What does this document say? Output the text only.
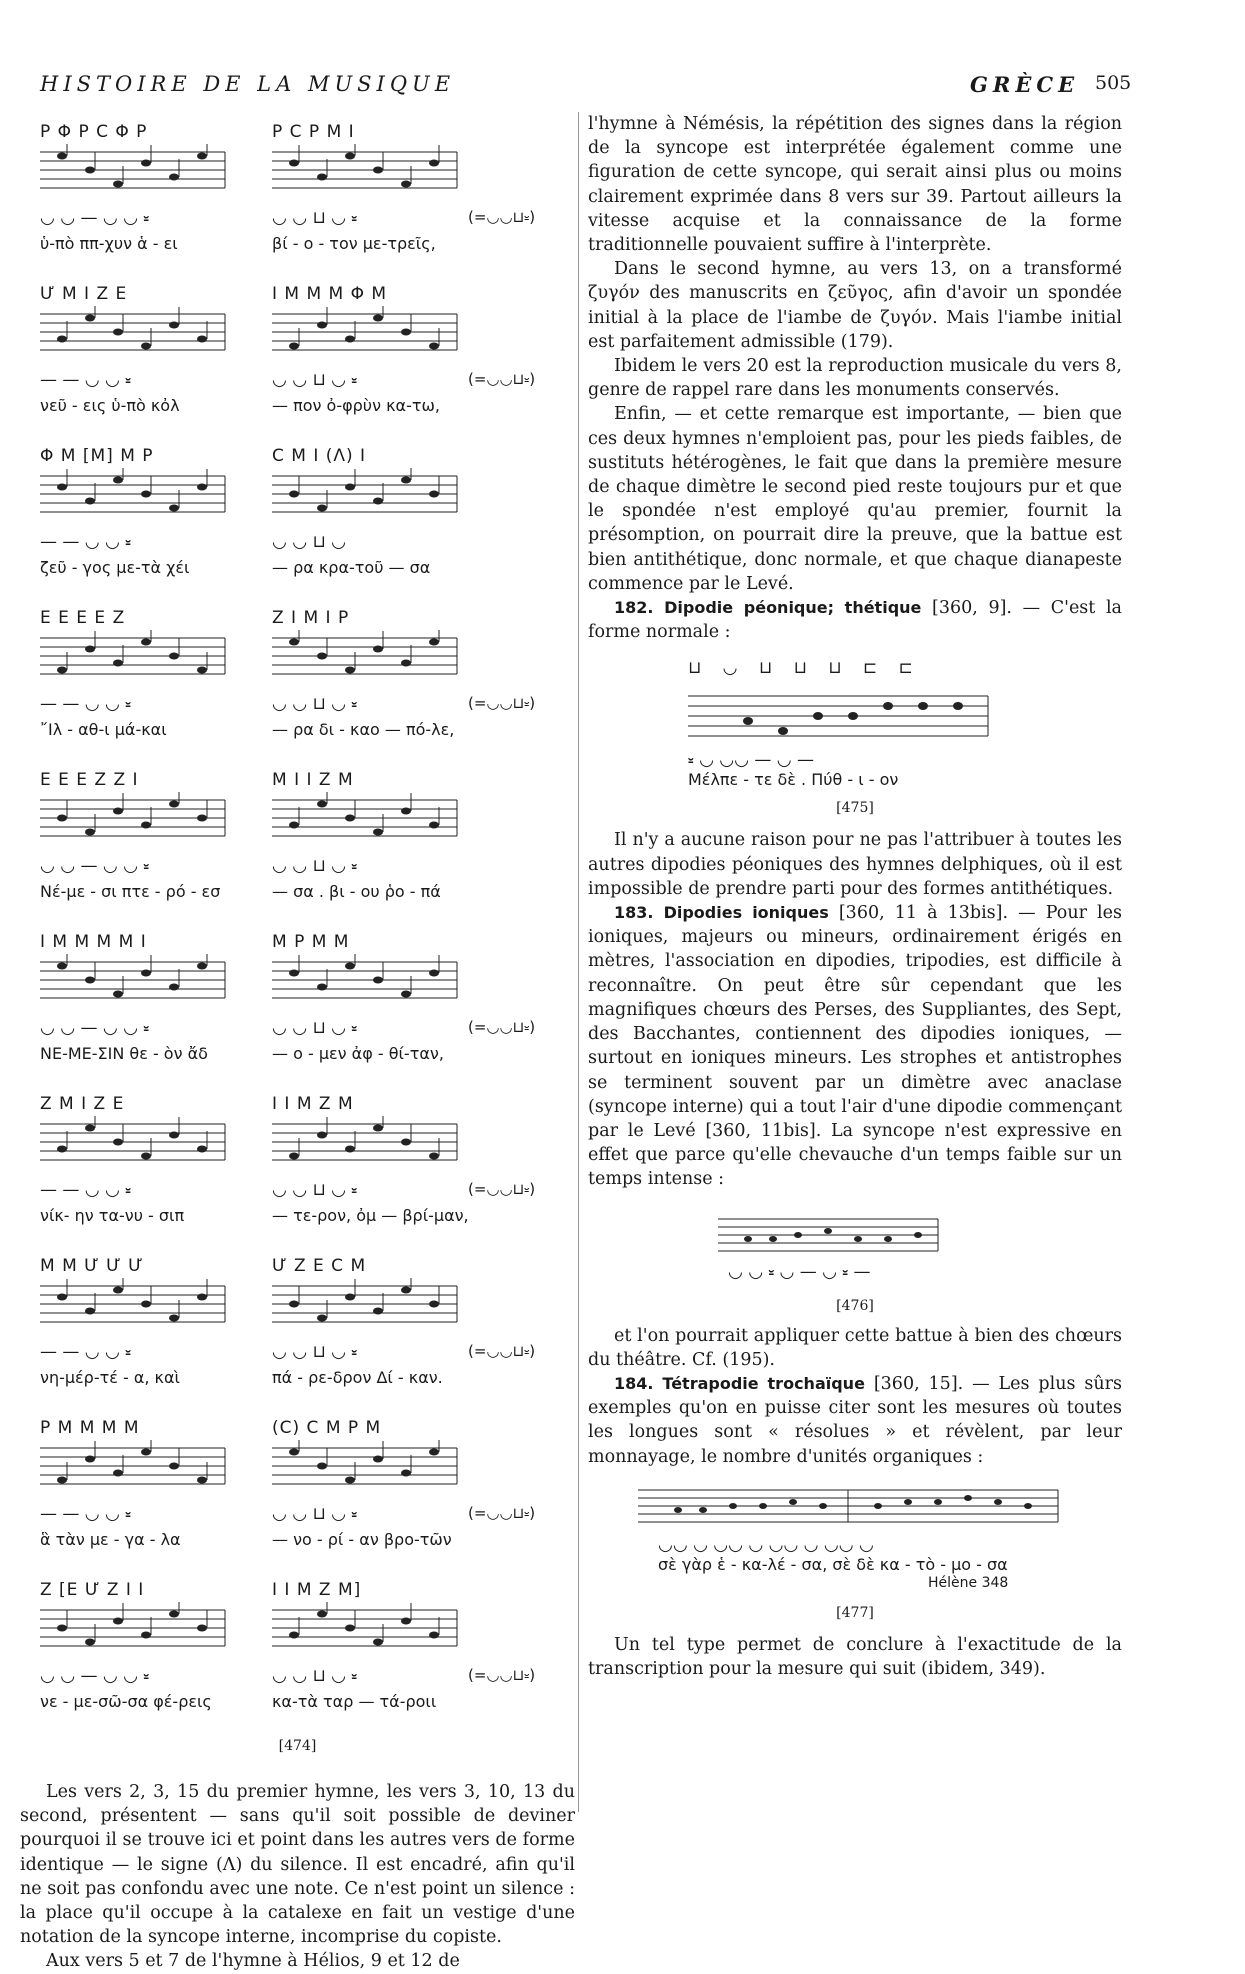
HISTOIRE DE LA MUSIQUE	GRÈCE 505
Ρ Φ Ρ C Φ Ρ
◡ ◡ — ◡ ◡ ⏓
ὑ-πὸ ππ-χυν ἁ - ει
Ρ C Ρ Μ Ι
◡ ◡ ⊔ ◡ ⏓
βί - ο - τον με-τρεῖς,
(=◡◡⊔⏓)
Ư Μ Ι Ζ Ε
— — ◡ ◡ ⏓
νεῦ - εις ὑ-πὸ κὀλ
Ι Μ Μ Μ Φ Μ
◡ ◡ ⊔ ◡ ⏓
— πον ὀ-φρὺν κα-τω,
(=◡◡⊔⏓)
Φ Μ [Μ] Μ Ρ
— — ◡ ◡ ⏓
ζεῦ - γος με-τὰ χέι
C Μ Ι (Λ) Ι
◡ ◡ ⊔ ◡
— ρα κρα-τοῦ — σα
Ε Ε Ε Ε Ζ
— — ◡ ◡ ⏓
῎Ιλ - αθ-ι μά-και
Ζ Ι Μ Ι Ρ
◡ ◡ ⊔ ◡ ⏓
— ρα δι - καο — πό-λε,
(=◡◡⊔⏓)
Ε Ε Ε Ζ Ζ Ι
◡ ◡ — ◡ ◡ ⏓
Νέ-με - σι πτε - ρό - εσ
Μ Ι Ι Ζ Μ
◡ ◡ ⊔ ◡ ⏓
— σα . βι - ου ῥο - πά
Ι Μ Μ Μ Μ Ι
◡ ◡ — ◡ ◡ ⏓
ΝΕ-ΜΕ-ΣΙΝ θε - ὸν ἄδ
Μ Ρ Μ Μ
◡ ◡ ⊔ ◡ ⏓
— ο - μεν ἀφ - θί-ταν,
(=◡◡⊔⏓)
Ζ Μ Ι Ζ Ε
— — ◡ ◡ ⏓
νίκ- ην τα-νυ - σιπ
Ι Ι Μ Ζ Μ
◡ ◡ ⊔ ◡ ⏓
— τε-ρον, ὀμ — βρί-μαν,
(=◡◡⊔⏓)
Μ Μ Ư Ư Ư
— — ◡ ◡ ⏓
νη-μέρ-τέ - α, καὶ
Ư Ζ Ε C Μ
◡ ◡ ⊔ ◡ ⏓
πά - ρε-δρον Δί - καν.
(=◡◡⊔⏓)
Ρ Μ Μ Μ Μ
— — ◡ ◡ ⏓
ἃ τὰν με - γα - λα
(C) C Μ Ρ Μ
◡ ◡ ⊔ ◡ ⏓
— νο - ρί - αν βρο-τῶν
(=◡◡⊔⏓)
Ζ [Ε Ư Ζ Ι Ι
◡ ◡ — ◡ ◡ ⏓
νε - με-σῶ-σα φέ-ρεις
Ι Ι Μ Ζ Μ]
◡ ◡ ⊔ ◡ ⏓
κα-τὰ ταρ — τά-ροιι
(=◡◡⊔⏓)
[474]

Les vers 2, 3, 15 du premier hymne, les vers 3, 10, 13 du second, présentent — sans qu'il soit possible de deviner pourquoi il se trouve ici et point dans les autres vers de forme identique — le signe (Λ) du silence. Il est encadré, afin qu'il ne soit pas confondu avec une note. Ce n'est point un silence : la place qu'il occupe à la catalexe en fait un vestige d'une notation de la syncope interne, incomprise du copiste.

Aux vers 5 et 7 de l'hymne à Hélios, 9 et 12 de

l'hymne à Némésis, la répétition des signes dans la région de la syncope est interprétée également comme une figuration de cette syncope, qui serait ainsi plus ou moins clairement exprimée dans 8 vers sur 39. Partout ailleurs la vitesse acquise et la connaissance de la forme traditionnelle pouvaient suffire à l'interprète.

Dans le second hymne, au vers 13, on a transformé ζυγόν des manuscrits en ζεῦγος, afin d'avoir un spondée initial à la place de l'iambe de ζυγόν. Mais l'iambe initial est parfaitement admissible (179).

Ibidem le vers 20 est la reproduction musicale du vers 8, genre de rappel rare dans les monuments conservés.

Enfin, — et cette remarque est importante, — bien que ces deux hymnes n'emploient pas, pour les pieds faibles, de sustituts hétérogènes, le fait que dans la première mesure de chaque dimètre le second pied reste toujours pur et que le spondée n'est employé qu'au premier, fournit la présomption, on pourrait dire la preuve, que la battue est bien antithétique, donc normale, et que chaque dianapeste commence par le Levé.

182. Dipodie péonique; thétique [360, 9]. — C'est la forme normale :

⊔ ◡ ⊔ ⊔ ⊔ ⊏ ⊏
⏓ ◡ ◡◡ — ◡ —
Μέλπε - τε δὲ . Πύθ - ι - ον
[475]

Il n'y a aucune raison pour ne pas l'attribuer à toutes les autres dipodies péoniques des hymnes delphiques, où il est impossible de prendre parti pour des formes antithétiques.

183. Dipodies ioniques [360, 11 à 13bis]. — Pour les ioniques, majeurs ou mineurs, ordinairement érigés en mètres, l'association en dipodies, tripodies, est difficile à reconnaître. On peut être sûr cependant que les magnifiques chœurs des Perses, des Suppliantes, des Sept, des Bacchantes, contiennent des dipodies ioniques, — surtout en ioniques mineurs. Les strophes et antistrophes se terminent souvent par un dimètre avec anaclase (syncope interne) qui a tout l'air d'une dipodie commençant par le Levé [360, 11bis]. La syncope n'est expressive en effet que parce qu'elle chevauche d'un temps faible sur un temps intense :

◡ ◡ ⏓ ◡ — ◡ ⏓ —
[476]

et l'on pourrait appliquer cette battue à bien des chœurs du théâtre. Cf. (195).

184. Tétrapodie trochaïque [360, 15]. — Les plus sûrs exemples qu'on en puisse citer sont les mesures où toutes les longues sont « résolues » et révèlent, par leur monnayage, le nombre d'unités organiques :

◡◡ ◡ ◡◡ ◡ ◡◡ ◡ ◡◡ ◡
σὲ γὰρ ἑ - κα-λέ - σα, σὲ δὲ κα - τὸ - μο - σα
Hélène 348
[477]

Un tel type permet de conclure à l'exactitude de la transcription pour la mesure qui suit (ibidem, 349).
